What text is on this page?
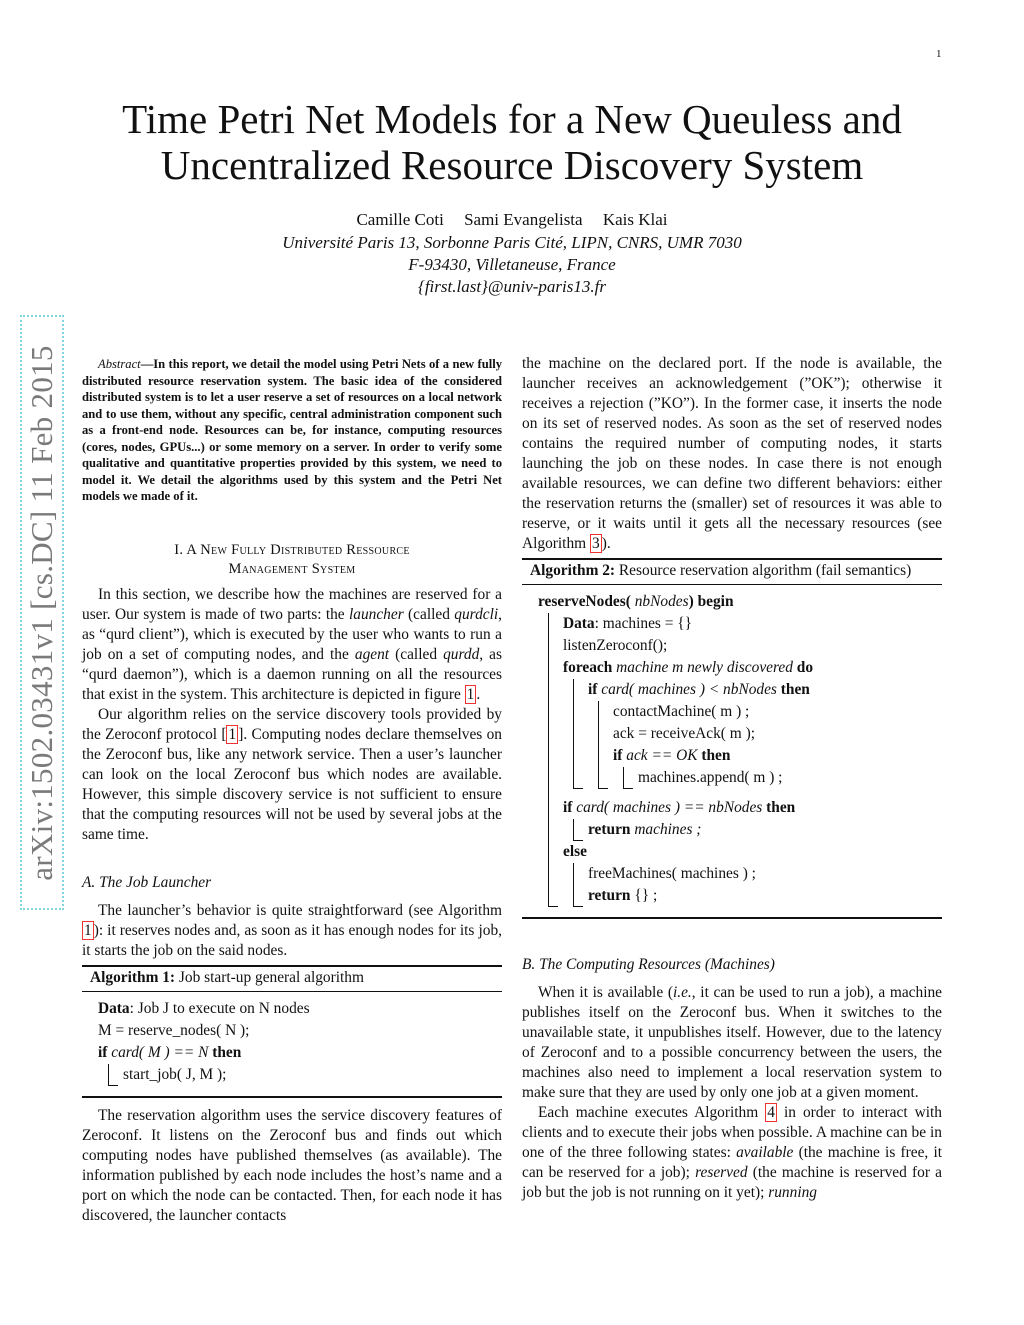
1
arXiv:1502.03431v1 [cs.DC] 11 Feb 2015
Time Petri Net Models for a New Queuless and
Uncentralized Resource Discovery System
Camille Coti Sami Evangelista Kais Klai
Université Paris 13, Sorbonne Paris Cité, LIPN, CNRS, UMR 7030
F-93430, Villetaneuse, France
{first.last}@univ-paris13.fr

Abstract—In this report, we detail the model using Petri Nets of a new fully distributed resource reservation system. The basic idea of the considered distributed system is to let a user reserve a set of resources on a local network and to use them, without any specific, central administration component such as a front-end node. Resources can be, for instance, computing resources (cores, nodes, GPUs...) or some memory on a server. In order to verify some qualitative and quantitative properties provided by this system, we need to model it. We detail the algorithms used by this system and the Petri Net models we made of it.

I. A New Fully Distributed Ressource
Management System

In this section, we describe how the machines are reserved for a user. Our system is made of two parts: the launcher (called qurdcli, as “qurd client”), which is executed by the user who wants to run a job on a set of computing nodes, and the agent (called qurdd, as “qurd daemon”), which is a daemon running on all the resources that exist in the system. This architecture is depicted in figure 1 .

Our algorithm relies on the service discovery tools provided by the Zeroconf protocol [ 1 ]. Computing nodes declare themselves on the Zeroconf bus, like any network service. Then a user’s launcher can look on the local Zeroconf bus which nodes are available. However, this simple discovery service is not sufficient to ensure that the computing resources will not be used by several jobs at the same time.

A. The Job Launcher

The launcher’s behavior is quite straightforward (see Algorithm 1 ): it reserves nodes and, as soon as it has enough nodes for its job, it starts the job on the said nodes.

Algorithm 1: Job start-up general algorithm
Data: Job J to execute on N nodes
M = reserve_nodes( N );
if card( M ) == N then
start_job( J, M );

The reservation algorithm uses the service discovery features of Zeroconf. It listens on the Zeroconf bus and finds out which computing nodes have published themselves (as available). The information published by each node includes the host’s name and a port on which the node can be contacted. Then, for each node it has discovered, the launcher contacts

the machine on the declared port. If the node is available, the launcher receives an acknowledgement (”OK”); otherwise it receives a rejection (”KO”). In the former case, it inserts the node on its set of reserved nodes. As soon as the set of reserved nodes contains the required number of computing nodes, it starts launching the job on these nodes. In case there is not enough available resources, we can define two different behaviors: either the reservation returns the (smaller) set of resources it was able to reserve, or it waits until it gets all the necessary resources (see Algorithm 3 ).

Algorithm 2: Resource reservation algorithm (fail semantics)
reserveNodes( nbNodes) begin
Data: machines = {}
listenZeroconf();
foreach machine m newly discovered do
if card( machines ) < nbNodes then
contactMachine( m ) ;
ack = receiveAck( m );
if ack == OK then
machines.append( m ) ;
if card( machines ) == nbNodes then
return machines ;
else
freeMachines( machines ) ;
return {} ;
B. The Computing Resources (Machines)

When it is available (i.e., it can be used to run a job), a machine publishes itself on the Zeroconf bus. When it switches to the unavailable state, it unpublishes itself. However, due to the latency of Zeroconf and to a possible concurrency between the users, the machines also need to implement a local reservation system to make sure that they are used by only one job at a given moment.

Each machine executes Algorithm 4 in order to interact with clients and to execute their jobs when possible. A machine can be in one of the three following states: available (the machine is free, it can be reserved for a job); reserved (the machine is reserved for a job but the job is not running on it yet); running
